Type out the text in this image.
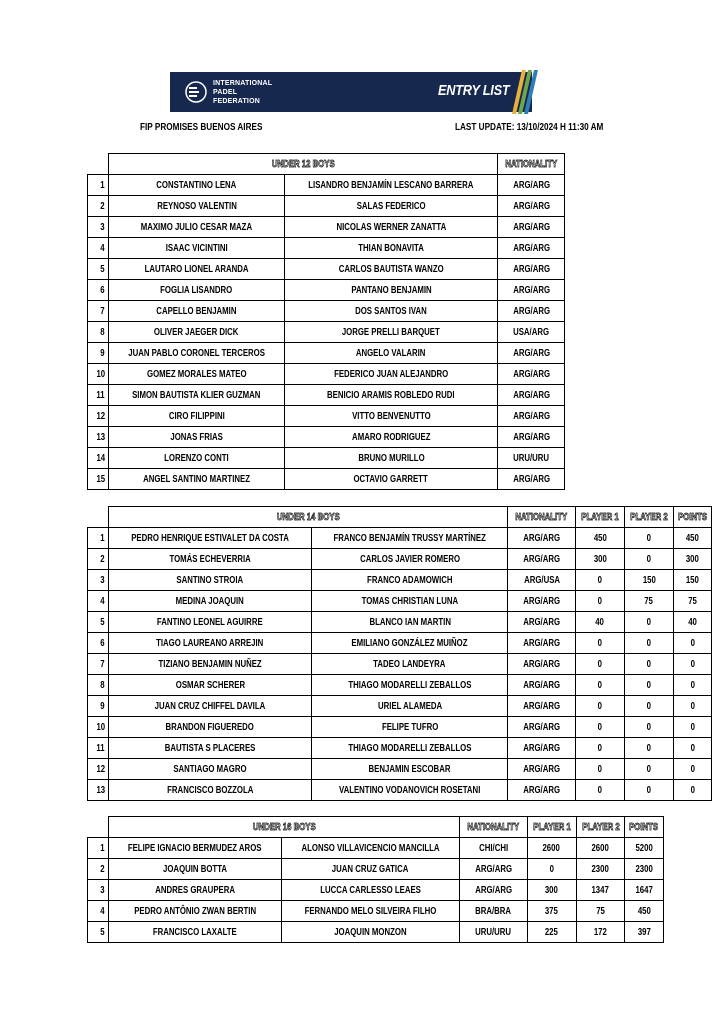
INTERNATIONAL
PADEL
FEDERATION
ENTRY LIST
FIP PROMISES BUENOS AIRES	LAST UPDATE: 13/10/2024 H 11:30 AM
	UNDER 12 BOYS		NATIONALITY
1	CONSTANTINO LENA	LISANDRO BENJAMÍN LESCANO BARRERA	ARG/ARG
2	REYNOSO VALENTIN	SALAS FEDERICO	ARG/ARG
3	MAXIMO JULIO CESAR MAZA	NICOLAS WERNER ZANATTA	ARG/ARG
4	ISAAC VICINTINI	THIAN BONAVITA	ARG/ARG
5	LAUTARO LIONEL ARANDA	CARLOS BAUTISTA WANZO	ARG/ARG
6	FOGLIA LISANDRO	PANTANO BENJAMIN	ARG/ARG
7	CAPELLO BENJAMIN	DOS SANTOS IVAN	ARG/ARG
8	OLIVER JAEGER DICK	JORGE PRELLI BARQUET	USA/ARG
9	JUAN PABLO CORONEL TERCEROS	ANGELO VALARIN	ARG/ARG
10	GOMEZ MORALES MATEO	FEDERICO JUAN ALEJANDRO	ARG/ARG
11	SIMON BAUTISTA KLIER GUZMAN	BENICIO ARAMIS ROBLEDO RUDI	ARG/ARG
12	CIRO FILIPPINI	VITTO BENVENUTTO	ARG/ARG
13	JONAS FRIAS	AMARO RODRIGUEZ	ARG/ARG
14	LORENZO CONTI	BRUNO MURILLO	URU/URU
15	ANGEL SANTINO MARTINEZ	OCTAVIO GARRETT	ARG/ARG
	UNDER 14 BOYS		NATIONALITY	PLAYER 1	PLAYER 2	POINTS
1	PEDRO HENRIQUE ESTIVALET DA COSTA	FRANCO BENJAMÍN TRUSSY MARTÍNEZ	ARG/ARG	450	0	450
2	TOMÁS ECHEVERRIA	CARLOS JAVIER ROMERO	ARG/ARG	300	0	300
3	SANTINO STROIA	FRANCO ADAMOWICH	ARG/USA	0	150	150
4	MEDINA JOAQUIN	TOMAS CHRISTIAN LUNA	ARG/ARG	0	75	75
5	FANTINO LEONEL AGUIRRE	BLANCO IAN MARTIN	ARG/ARG	40	0	40
6	TIAGO LAUREANO ARREJIN	EMILIANO GONZÁLEZ MUIÑOZ	ARG/ARG	0	0	0
7	TIZIANO BENJAMIN NUÑEZ	TADEO LANDEYRA	ARG/ARG	0	0	0
8	OSMAR SCHERER	THIAGO MODARELLI ZEBALLOS	ARG/ARG	0	0	0
9	JUAN CRUZ CHIFFEL DAVILA	URIEL ALAMEDA	ARG/ARG	0	0	0
10	BRANDON FIGUEREDO	FELIPE TUFRO	ARG/ARG	0	0	0
11	BAUTISTA S PLACERES	THIAGO MODARELLI ZEBALLOS	ARG/ARG	0	0	0
12	SANTIAGO MAGRO	BENJAMIN ESCOBAR	ARG/ARG	0	0	0
13	FRANCISCO BOZZOLA	VALENTINO VODANOVICH ROSETANI	ARG/ARG	0	0	0
	UNDER 16 BOYS		NATIONALITY	PLAYER 1	PLAYER 2	POINTS
1	FELIPE IGNACIO BERMUDEZ AROS	ALONSO VILLAVICENCIO MANCILLA	CHI/CHI	2600	2600	5200
2	JOAQUIN BOTTA	JUAN CRUZ GATICA	ARG/ARG	0	2300	2300
3	ANDRES GRAUPERA	LUCCA CARLESSO LEAES	ARG/ARG	300	1347	1647
4	PEDRO ANTÔNIO ZWAN BERTIN	FERNANDO MELO SILVEIRA FILHO	BRA/BRA	375	75	450
5	FRANCISCO LAXALTE	JOAQUIN MONZON	URU/URU	225	172	397
